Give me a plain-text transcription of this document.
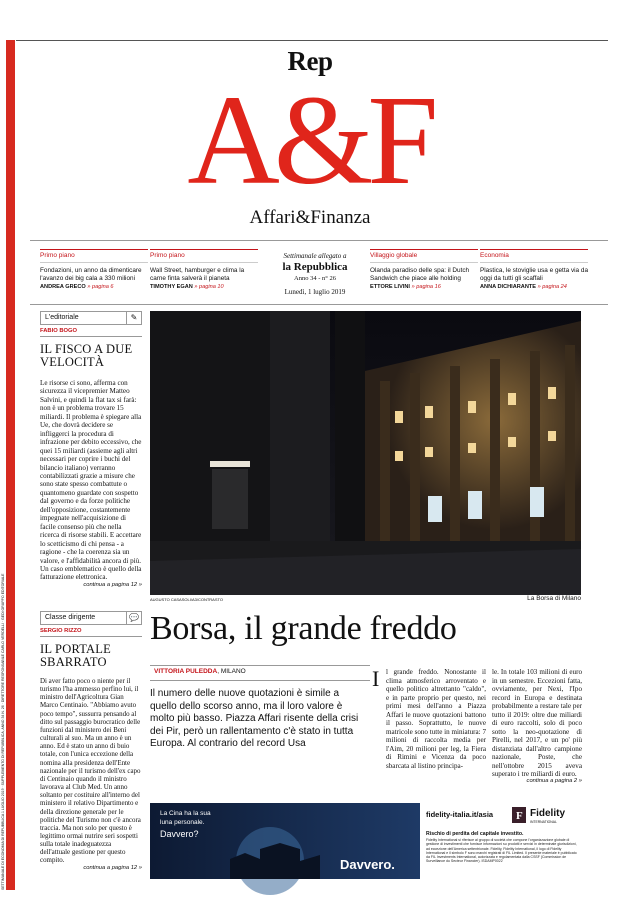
SETTIMANALE DI ECONOMIA DI REPUBBLICA 1 LUGLIO 2019 · SUPPLEMENTO DI REPUBBLICA, ANNO 34 N. 26 · DIRETTORE RESPONSABILE CARLO VERDELLI · GEDI GRUPPO EDITORIALE
Rep
A&F
Affari&Finanza
Primo piano
Fondazioni, un anno da dimenticare l'avanzo dei big cala a 330 milioni
ANDREA GRECO » pagina 6
Primo piano
Wall Street, hamburger e clima la carne finta salverà il pianeta
TIMOTHY EGAN » pagina 10
Settimanale allegato a
la Repubblica
Anno 34 - n° 26
Lunedì, 1 luglio 2019
Villaggio globale
Olanda paradiso delle spa: il Dutch Sandwich che piace alle holding
ETTORE LIVINI » pagina 16
Economia
Plastica, le stoviglie usa e getta via da oggi da tutti gli scaffali
ANNA DICHIARANTE » pagina 24
L'editoriale	✎
FABIO BOGO
IL FISCO A DUE VELOCITÀ
Le risorse ci sono, afferma con sicurezza il vicepremier Matteo Salvini, e quindi la flat tax si farà: non è un problema trovare 15 miliardi. Il problema è spiegare alla Ue, che dovrà decidere se infliggerci la procedura di infrazione per debito eccessivo, che quei 15 miliardi (assieme agli altri necessari per coprire i buchi del bilancio italiano) verranno contabilizzati grazie a misure che sono state spesso combattute o quantomeno guardate con sospetto dal governo e da forze politiche dell'opposizione, costantemente impegnate nell'acquisizione di facile consenso più che nella ricerca di risorse stabili. E accettare lo scetticismo di chi pensa - a ragione - che la coerenza sia un valore, e l'affidabilità ancora di più.
Un caso emblematico è quello della fatturazione elettronica.
continua a pagina 12 »
Classe dirigente	💬
SERGIO RIZZO
IL PORTALE SBARRATO
Di aver fatto poco o niente per il turismo l'ha ammesso perfino lui, il ministro dell'Agricoltura Gian Marco Centinaio. "Abbiamo avuto poco tempo", sussurra pensando al ditto sul passaggio burocratico delle funzioni dal ministero dei Beni culturali al suo. Ma un anno è un anno. Ed è stato un anno di buio totale, con l'unica eccezione della nomina alla presidenza dell'Ente nazionale per il turismo dell'ex capo di Centinaio quando il ministro lavorava al Club Med. Un anno soltanto per costituire all'interno del ministero il relativo Dipartimento e della direzione generale per le politiche del Turismo non c'è ancora traccia. Ma non solo per questo è legittimo ormai nutrire seri sospetti sulla totale inadeguatezza dell'attuale gestione per questo compito.
continua a pagina 12 »
AUGUSTO CASASOLI/A3/CONTRASTO	La Borsa di Milano
Borsa, il grande freddo
VITTORIA PULEDDA, MILANO
Il numero delle nuove quotazioni è simile a quello dello scorso anno, ma il loro valore è molto più basso. Piazza Affari risente della crisi dei Pir, però un rallentamento c'è stato in tutta Europa. Al contrario del record Usa
I l grande freddo. Nonostante il clima atmosferico arroventato e quello politico altrettanto "caldo", e in parte proprio per questo, nei primi mesi dell'anno a Piazza Affari le nuove quotazioni battono il passo. Soprattutto, le nuove matricole sono tutte in miniatura: 7 milioni di raccolta media per l'Aim, 20 milioni per leg, la Fiera di Rimini e Vicenza da poco sbarcata al listino principa-
le. In totale 103 milioni di euro in un semestre. Eccezioni fatta, ovviamente, per Nexi, l'Ipo record in Europa e destinata probabilmente a restare tale per tutto il 2019: oltre due miliardi di euro raccolti, solo di poco sotto la neo-quotazione di Pirelli, nel 2017, e un po' più distanziata dall'altro campione nazionale, Poste, che nell'ottobre 2015 aveva superato i tre miliardi di euro.
continua a pagina 2 »
La Cina ha la sua
luna personale.
Davvero?
Davvero.
fidelity-italia.it/asia F Fidelity
INTERNATIONAL
Rischio di perdita del capitale investito.
Fidelity International si riferisce al gruppo di società che compone l'organizzazione globale di gestione di investimenti che fornisce informazioni su prodotti e servizi in determinate giurisdizioni, ad eccezione dell'America settentrionale. Fidelity, Fidelity International, il logo di Fidelity International e il simbolo F sono marchi registrati di FIL Limited. Il presente materiale è pubblicato da FIL Investments International, autorizzata e regolamentata dalla CSSF (Commission de Surveillance du Secteur Financier). ISDAMP0022
